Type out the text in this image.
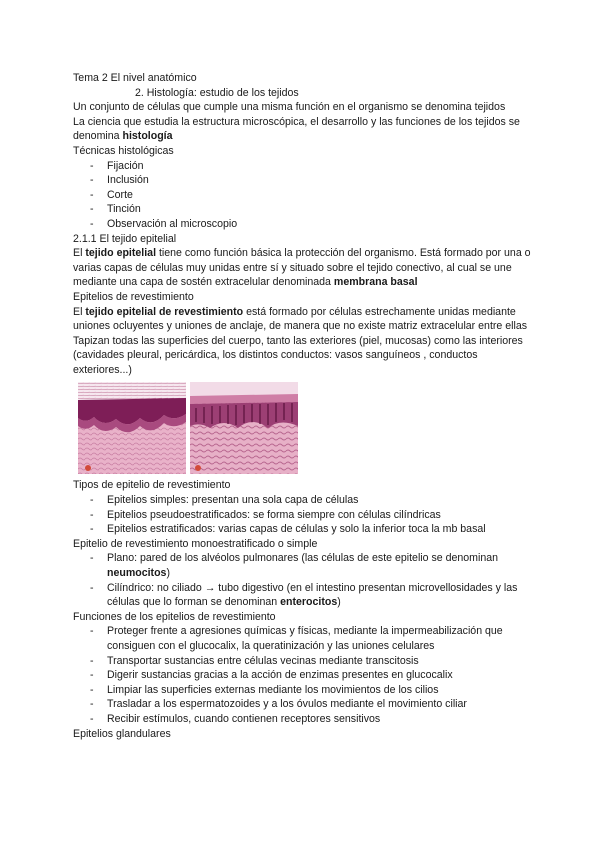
Tema 2 El nivel anatómico

2. Histología: estudio de los tejidos

Un conjunto de células que cumple una misma función en el organismo se denomina tejidos

La ciencia que estudia la estructura microscópica, el desarrollo y las funciones de los tejidos se denomina histología

Técnicas histológicas

- Fijación
- Inclusión
- Corte
- Tinción
- Observación al microscopio

2.1.1 El tejido epitelial

El tejido epitelial tiene como función básica la protección del organismo. Está formado por una o varias capas de células muy unidas entre sí y situado sobre el tejido conectivo, al cual se une mediante una capa de sostén extracelular denominada membrana basal

Epitelios de revestimiento

El tejido epitelial de revestimiento está formado por células estrechamente unidas mediante uniones ocluyentes y uniones de anclaje, de manera que no existe matriz extracelular entre ellas

Tapizan todas las superficies del cuerpo, tanto las exteriores (piel, mucosas) como las interiores (cavidades pleural, pericárdica, los distintos conductos: vasos sanguíneos , conductos exteriores...)

Tipos de epitelio de revestimiento

- Epitelios simples: presentan una sola capa de células
- Epitelios pseudoestratificados: se forma siempre con células cilíndricas
- Epitelios estratificados: varias capas de células y solo la inferior toca la mb basal

Epitelio de revestimiento monoestratificado o simple

- Plano: pared de los alvéolos pulmonares (las células de este epitelio se denominan neumocitos)
- Cilíndrico: no ciliado → tubo digestivo (en el intestino presentan microvellosidades y las células que lo forman se denominan enterocitos)

Funciones de los epitelios de revestimiento

- Proteger frente a agresiones químicas y físicas, mediante la impermeabilización que consiguen con el glucocalix, la queratinización y las uniones celulares
- Transportar sustancias entre células vecinas mediante transcitosis
- Digerir sustancias gracias a la acción de enzimas presentes en glucocalix
- Limpiar las superficies externas mediante los movimientos de los cilios
- Trasladar a los espermatozoides y a los óvulos mediante el movimiento ciliar
- Recibir estímulos, cuando contienen receptores sensitivos

Epitelios glandulares
